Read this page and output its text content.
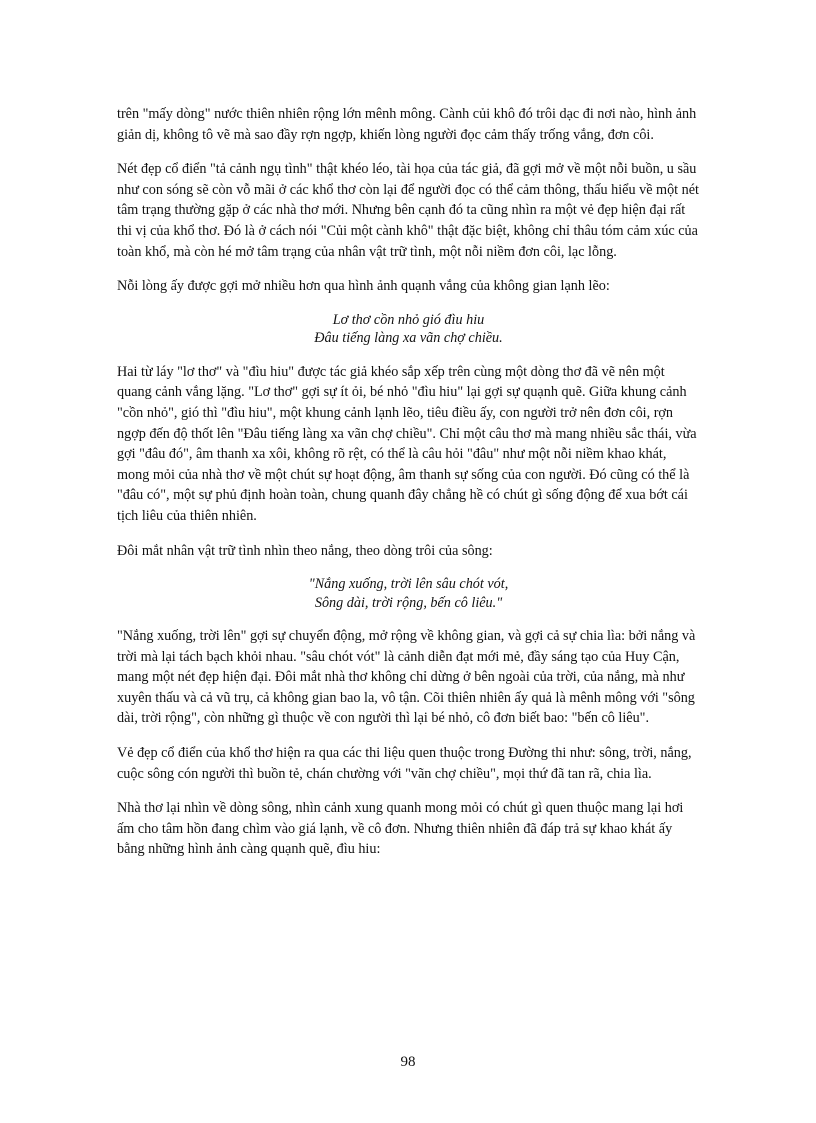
trên "mấy dòng" nước thiên nhiên rộng lớn mênh mông. Cành củi khô đó trôi dạc đi nơi nào, hình ảnh giản dị, không tô vẽ mà sao đầy rợn ngợp, khiến lòng người đọc cảm thấy trống vắng, đơn côi.

Nét đẹp cổ điển "tả cảnh ngụ tình" thật khéo léo, tài họa của tác giả, đã gợi mở về một nỗi buồn, u sầu như con sóng sẽ còn vỗ mãi ở các khổ thơ còn lại để người đọc có thể cảm thông, thấu hiểu về một nét tâm trạng thường gặp ở các nhà thơ mới. Nhưng bên cạnh đó ta cũng nhìn ra một vẻ đẹp hiện đại rất thi vị của khổ thơ. Đó là ở cách nói "Củi một cành khô" thật đặc biệt, không chỉ thâu tóm cảm xúc của toàn khổ, mà còn hé mở tâm trạng của nhân vật trữ tình, một nỗi niềm đơn côi, lạc lỗng.

Nỗi lòng ấy được gợi mở nhiều hơn qua hình ảnh quạnh vắng của không gian lạnh lẽo:

Lơ thơ cồn nhỏ gió đìu hiu
Đâu tiếng làng xa vãn chợ chiều.

Hai từ láy "lơ thơ" và "đìu hiu" được tác giả khéo sắp xếp trên cùng một dòng thơ đã vẽ nên một quang cảnh vắng lặng. "Lơ thơ" gợi sự ít ỏi, bé nhỏ "đìu hiu" lại gợi sự quạnh quẽ. Giữa khung cảnh "cồn nhỏ", gió thì "đìu hiu", một khung cảnh lạnh lẽo, tiêu điều ấy, con người trở nên đơn côi, rợn ngợp đến độ thốt lên "Đâu tiếng làng xa vãn chợ chiều". Chỉ một câu thơ mà mang nhiều sắc thái, vừa gợi "đâu đó", âm thanh xa xôi, không rõ rệt, có thể là câu hỏi "đâu" như một nỗi niềm khao khát, mong mỏi của nhà thơ về một chút sự hoạt động, âm thanh sự sống của con người. Đó cũng có thể là "đâu có", một sự phủ định hoàn toàn, chung quanh đây chẳng hề có chút gì sống động để xua bớt cái tịch liêu của thiên nhiên.

Đôi mắt nhân vật trữ tình nhìn theo nắng, theo dòng trôi của sông:

"Nắng xuống, trời lên sâu chót vót,
Sông dài, trời rộng, bến cô liêu."

"Nắng xuống, trời lên" gợi sự chuyển động, mở rộng về không gian, và gợi cả sự chia lìa: bởi nắng và trời mà lại tách bạch khỏi nhau. "sâu chót vót" là cảnh diễn đạt mới mẻ, đầy sáng tạo của Huy Cận, mang một nét đẹp hiện đại. Đôi mắt nhà thơ không chỉ dừng ở bên ngoài của trời, của nắng, mà như xuyên thấu và cả vũ trụ, cả không gian bao la, vô tận. Cõi thiên nhiên ấy quả là mênh mông với "sông dài, trời rộng", còn những gì thuộc về con người thì lại bé nhỏ, cô đơn biết bao: "bến cô liêu".

Vẻ đẹp cổ điển của khổ thơ hiện ra qua các thi liệu quen thuộc trong Đường thi như: sông, trời, nắng, cuộc sông cón người thì buồn tẻ, chán chường với "vãn chợ chiều", mọi thứ đã tan rã, chia lìa.

Nhà thơ lại nhìn về dòng sông, nhìn cảnh xung quanh mong mỏi có chút gì quen thuộc mang lại hơi ấm cho tâm hồn đang chìm vào giá lạnh, về cô đơn. Nhưng thiên nhiên đã đáp trả sự khao khát ấy bằng những hình ảnh càng quạnh quẽ, đìu hiu:

98
